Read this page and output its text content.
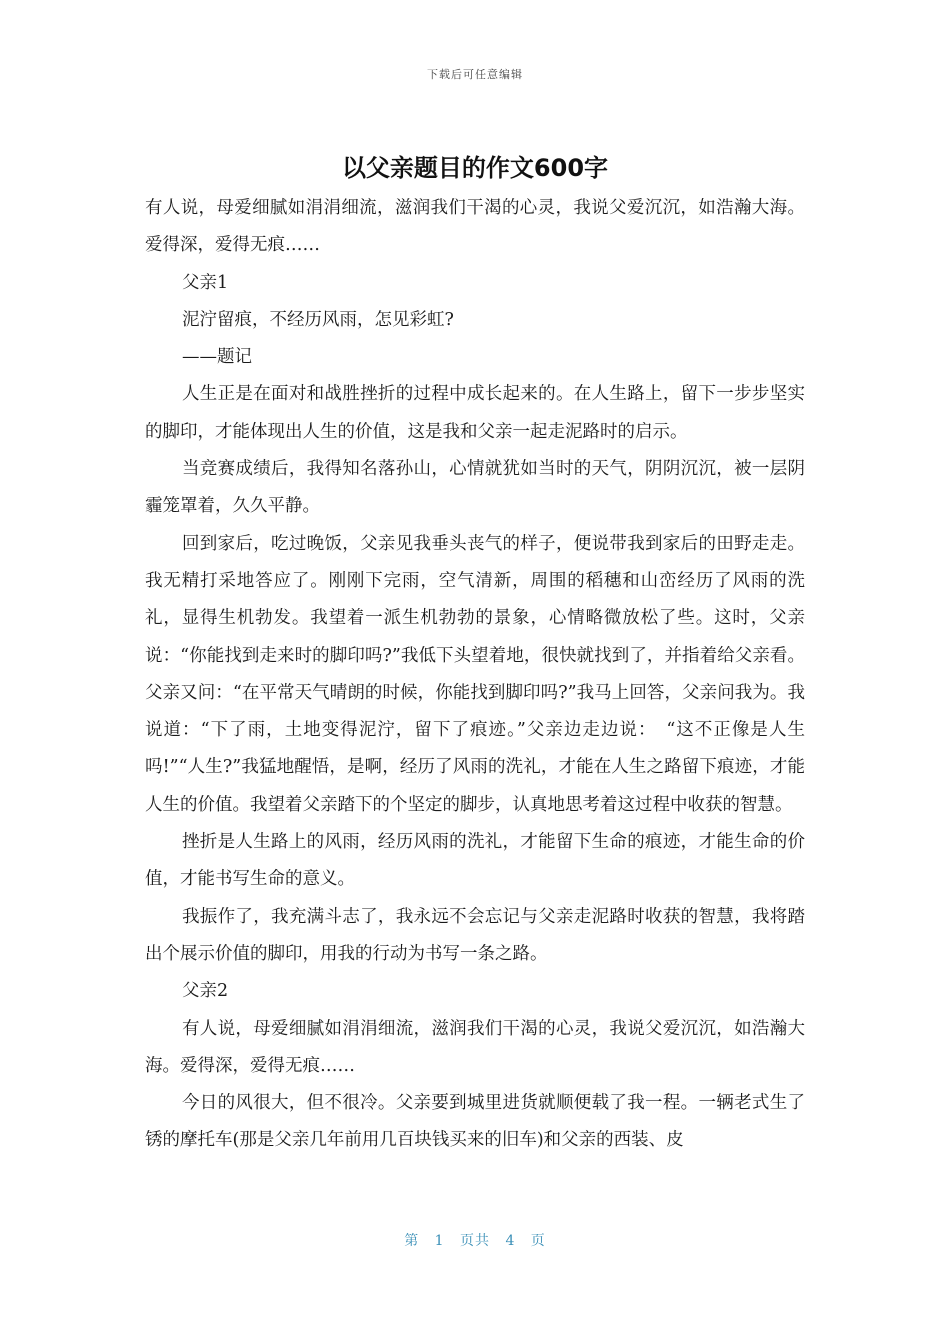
下载后可任意编辑
以父亲题目的作文600字

有人说，母爱细腻如涓涓细流，滋润我们干渴的心灵，我说父爱沉沉，如浩瀚大海。爱得深，爱得无痕……

父亲1

泥泞留痕，不经历风雨，怎见彩虹?

——题记

人生正是在面对和战胜挫折的过程中成长起来的。在人生路上，留下一步步坚实的脚印，才能体现出人生的价值，这是我和父亲一起走泥路时的启示。

当竞赛成绩后，我得知名落孙山，心情就犹如当时的天气，阴阴沉沉，被一层阴霾笼罩着，久久平静。

回到家后，吃过晚饭，父亲见我垂头丧气的样子，便说带我到家后的田野走走。我无精打采地答应了。刚刚下完雨，空气清新，周围的稻穗和山峦经历了风雨的洗礼，显得生机勃发。我望着一派生机勃勃的景象，心情略微放松了些。这时，父亲说：“你能找到走来时的脚印吗?”我低下头望着地，很快就找到了，并指着给父亲看。父亲又问：“在平常天气晴朗的时候，你能找到脚印吗?”我马上回答，父亲问我为。我说道：“下了雨，土地变得泥泞，留下了痕迹。”父亲边走边说：　“这不正像是人生吗!”“人生?”我猛地醒悟，是啊，经历了风雨的洗礼，才能在人生之路留下痕迹，才能人生的价值。我望着父亲踏下的个坚定的脚步，认真地思考着这过程中收获的智慧。

挫折是人生路上的风雨，经历风雨的洗礼，才能留下生命的痕迹，才能生命的价值，才能书写生命的意义。

我振作了，我充满斗志了，我永远不会忘记与父亲走泥路时收获的智慧，我将踏出个展示价值的脚印，用我的行动为书写一条之路。

父亲2

有人说，母爱细腻如涓涓细流，滋润我们干渴的心灵，我说父爱沉沉，如浩瀚大海。爱得深，爱得无痕……

今日的风很大，但不很冷。父亲要到城里进货就顺便载了我一程。一辆老式生了锈的摩托车(那是父亲几年前用几百块钱买来的旧车)和父亲的西装、皮

第 1 页共 4 页
